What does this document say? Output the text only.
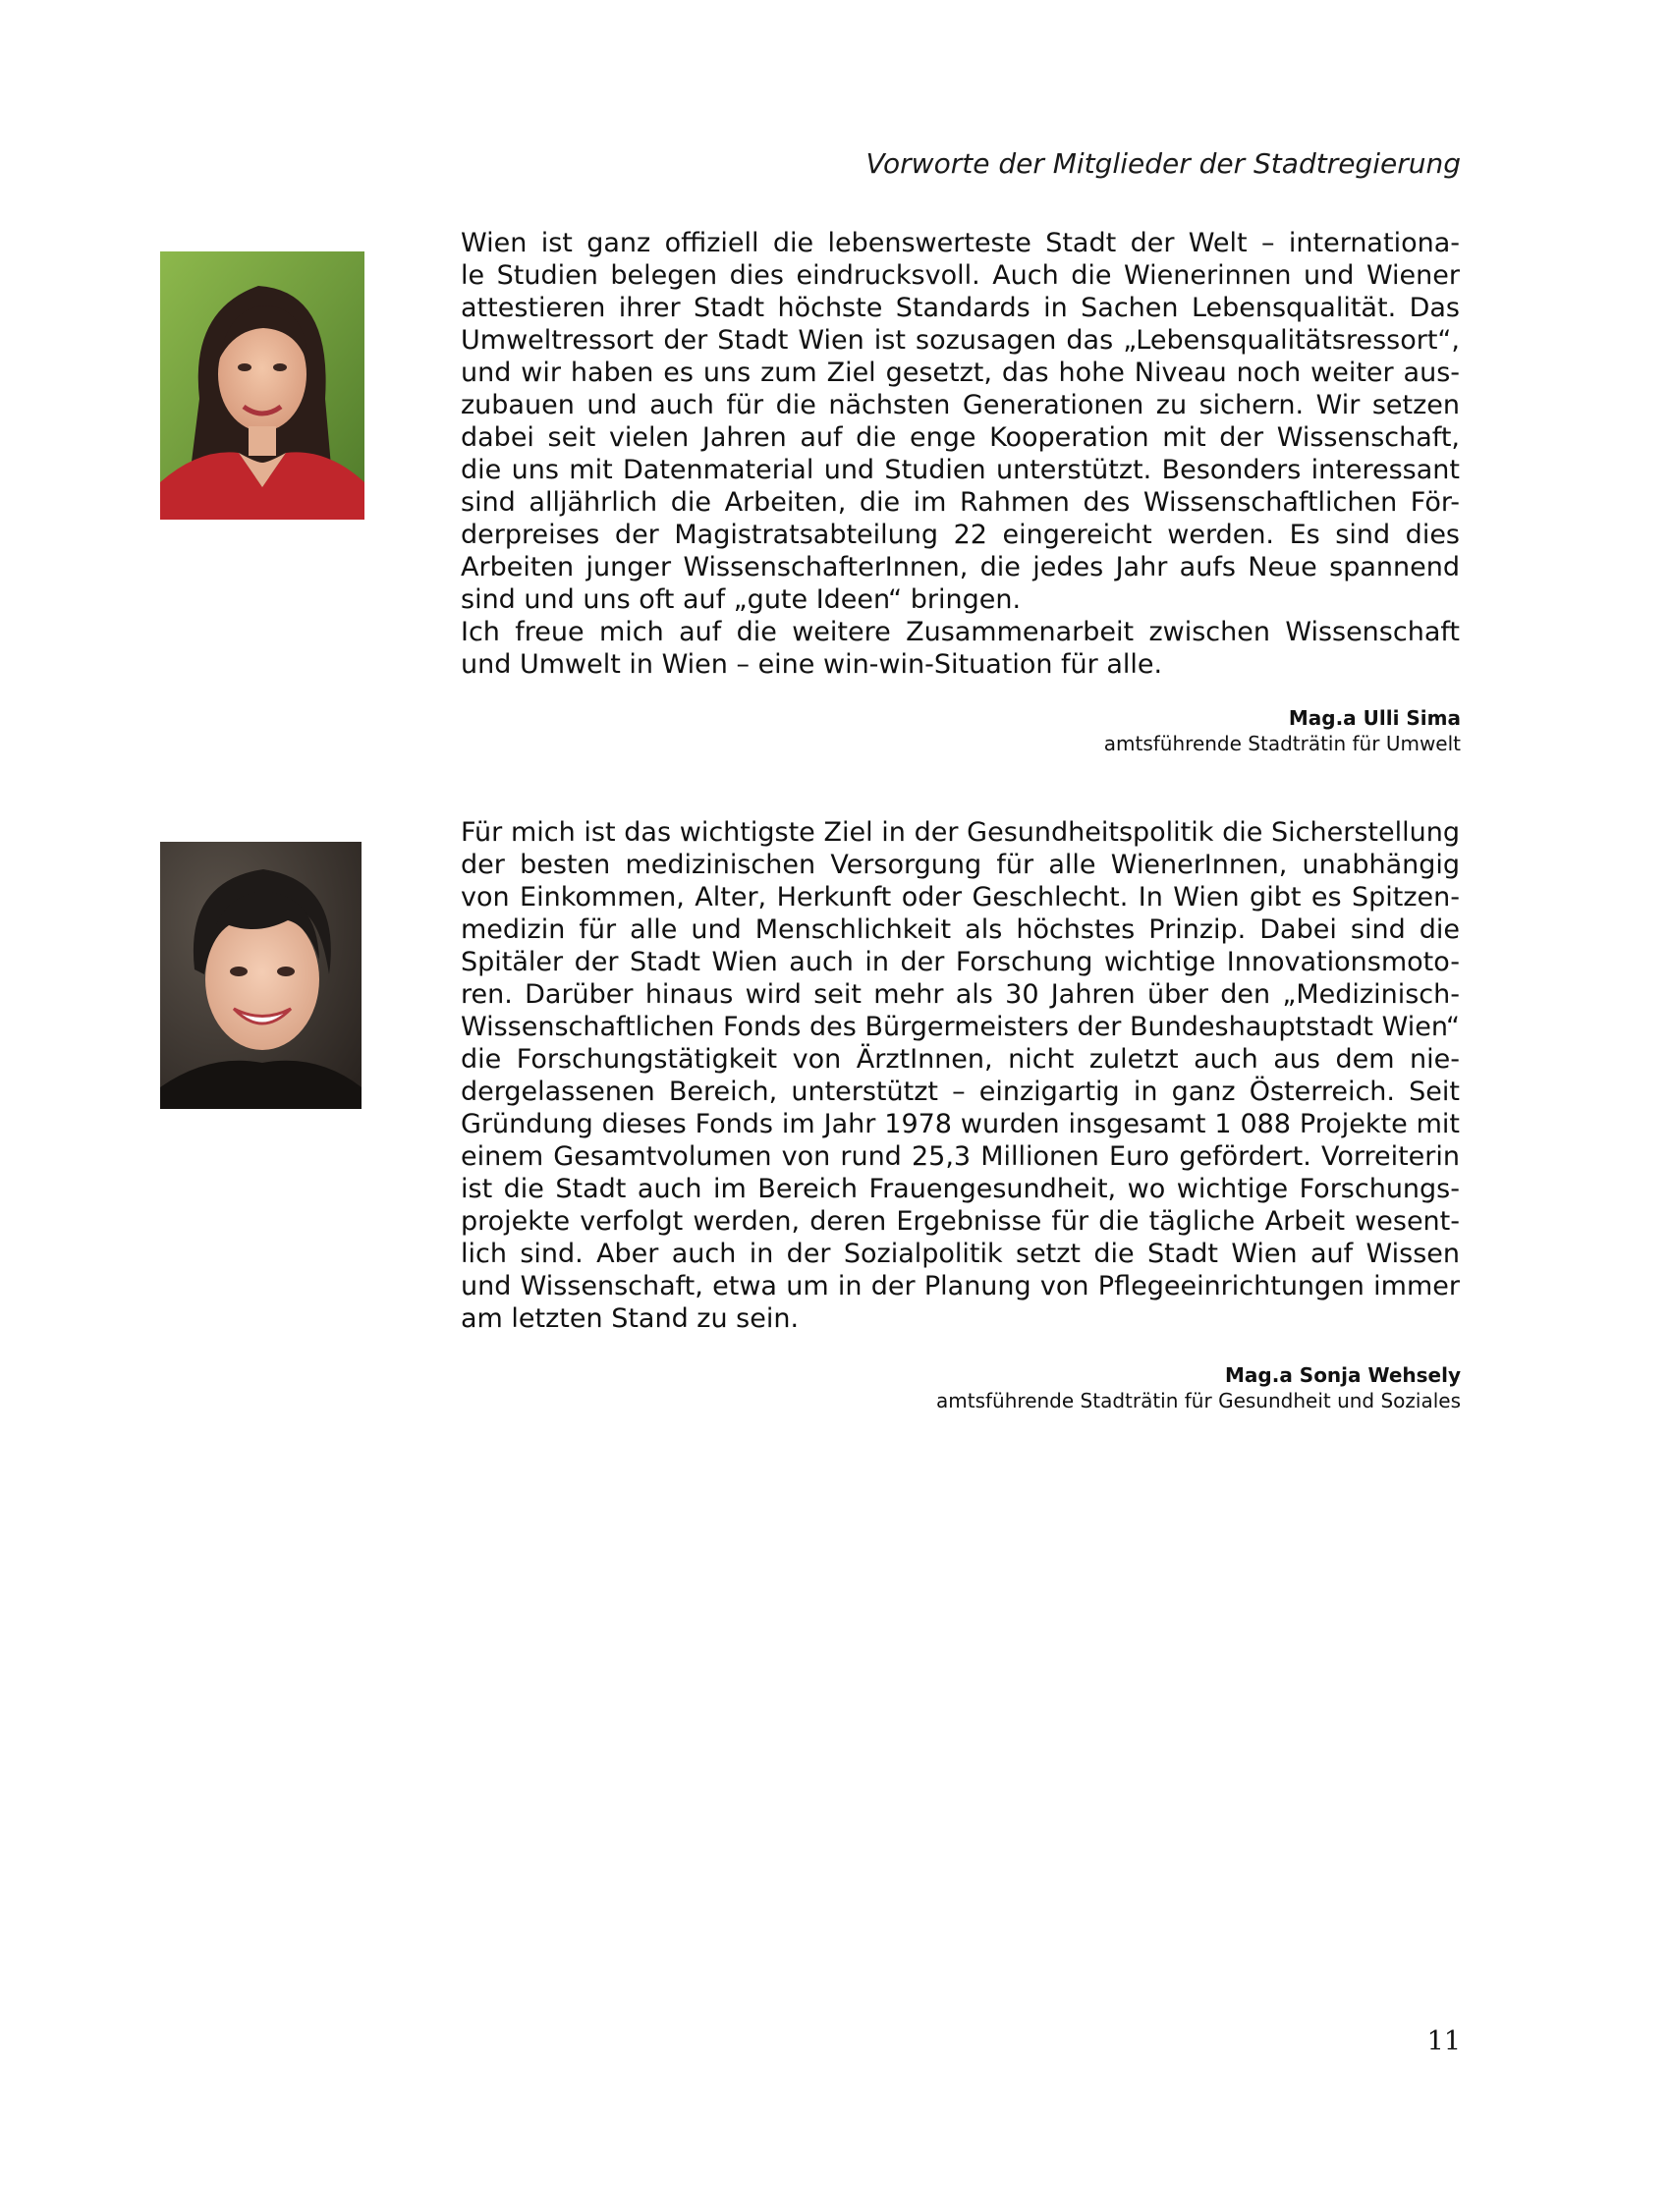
Vorworte der Mitglieder der Stadtregierung
Wien ist ganz offiziell die lebenswerteste Stadt der Welt – internationa-
le Studien belegen dies eindrucksvoll. Auch die Wienerinnen und Wiener
attestieren ihrer Stadt höchste Standards in Sachen Lebensqualität. Das
Umweltressort der Stadt Wien ist sozusagen das „Lebensqualitätsressort“,
und wir haben es uns zum Ziel gesetzt, das hohe Niveau noch weiter aus-
zubauen und auch für die nächsten Generationen zu sichern. Wir setzen
dabei seit vielen Jahren auf die enge Kooperation mit der Wissenschaft,
die uns mit Datenmaterial und Studien unterstützt. Besonders interessant
sind alljährlich die Arbeiten, die im Rahmen des Wissenschaftlichen För-
derpreises der Magistratsabteilung 22 eingereicht werden. Es sind dies
Arbeiten junger WissenschafterInnen, die jedes Jahr aufs Neue spannend
sind und uns oft auf „gute Ideen“ bringen.
Ich freue mich auf die weitere Zusammenarbeit zwischen Wissenschaft
und Umwelt in Wien – eine win-win-Situation für alle.
Mag.a Ulli Sima
amtsführende Stadträtin für Umwelt
Für mich ist das wichtigste Ziel in der Gesundheitspolitik die Sicherstellung
der besten medizinischen Versorgung für alle WienerInnen, unabhängig
von Einkommen, Alter, Herkunft oder Geschlecht. In Wien gibt es Spitzen-
medizin für alle und Menschlichkeit als höchstes Prinzip. Dabei sind die
Spitäler der Stadt Wien auch in der Forschung wichtige Innovationsmoto-
ren. Darüber hinaus wird seit mehr als 30 Jahren über den „Medizinisch-
Wissenschaftlichen Fonds des Bürgermeisters der Bundeshauptstadt Wien“
die Forschungstätigkeit von ÄrztInnen, nicht zuletzt auch aus dem nie-
dergelassenen Bereich, unterstützt – einzigartig in ganz Österreich. Seit
Gründung dieses Fonds im Jahr 1978 wurden insgesamt 1 088 Projekte mit
einem Gesamtvolumen von rund 25,3 Millionen Euro gefördert. Vorreiterin
ist die Stadt auch im Bereich Frauengesundheit, wo wichtige Forschungs-
projekte verfolgt werden, deren Ergebnisse für die tägliche Arbeit wesent-
lich sind. Aber auch in der Sozialpolitik setzt die Stadt Wien auf Wissen
und Wissenschaft, etwa um in der Planung von Pflegeeinrichtungen immer
am letzten Stand zu sein.
Mag.a Sonja Wehsely
amtsführende Stadträtin für Gesundheit und Soziales
11
